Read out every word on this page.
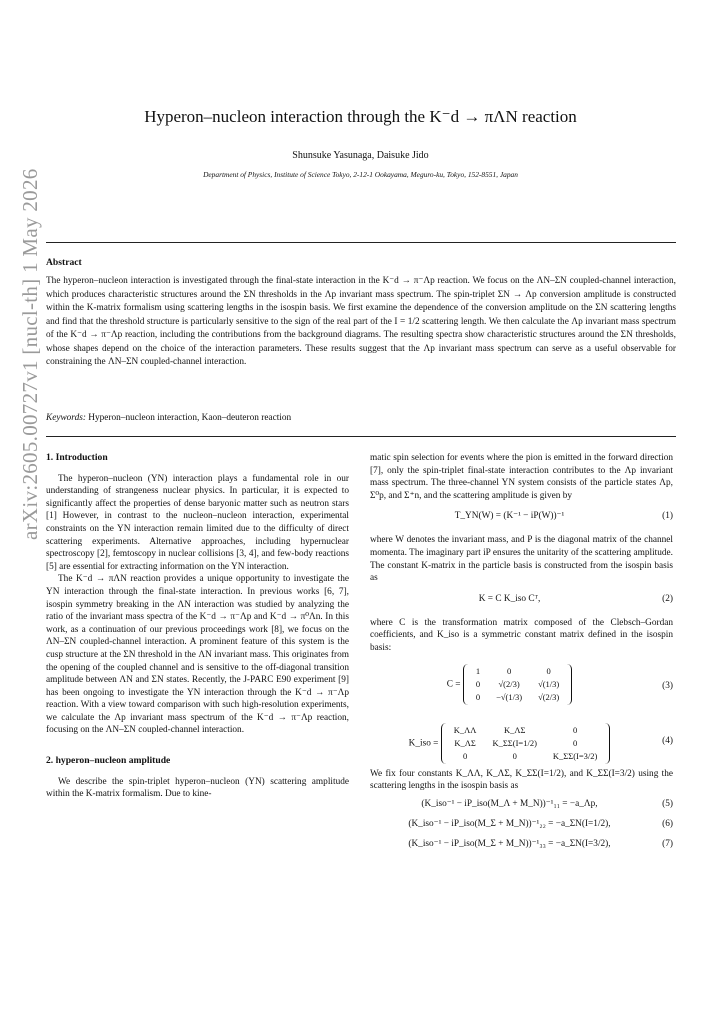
arXiv:2605.00727v1 [nucl-th] 1 May 2026
Hyperon–nucleon interaction through the K⁻d → πΛN reaction
Shunsuke Yasunaga, Daisuke Jido
Department of Physics, Institute of Science Tokyo, 2-12-1 Ookayama, Meguro-ku, Tokyo, 152-8551, Japan
Abstract
The hyperon–nucleon interaction is investigated through the final-state interaction in the K⁻d → π⁻Λp reaction. We focus on the ΛN–ΣN coupled-channel interaction, which produces characteristic structures around the ΣN thresholds in the Λp invariant mass spectrum. The spin-triplet ΣN → Λp conversion amplitude is constructed within the K-matrix formalism using scattering lengths in the isospin basis. We first examine the dependence of the conversion amplitude on the ΣN scattering lengths and find that the threshold structure is particularly sensitive to the sign of the real part of the I = 1/2 scattering length. We then calculate the Λp invariant mass spectrum of the K⁻d → π⁻Λp reaction, including the contributions from the background diagrams. The resulting spectra show characteristic structures around the ΣN thresholds, whose shapes depend on the choice of the interaction parameters. These results suggest that the Λp invariant mass spectrum can serve as a useful observable for constraining the ΛN–ΣN coupled-channel interaction.
Keywords: Hyperon–nucleon interaction, Kaon–deuteron reaction
1. Introduction

The hyperon–nucleon (YN) interaction plays a fundamental role in our understanding of strangeness nuclear physics. In particular, it is expected to significantly affect the properties of dense baryonic matter such as neutron stars [1] However, in contrast to the nucleon–nucleon interaction, experimental constraints on the YN interaction remain limited due to the difficulty of direct scattering experiments. Alternative approaches, including hypernuclear spectroscopy [2], femtoscopy in nuclear collisions [3, 4], and few-body reactions [5] are essential for extracting information on the YN interaction.

The K⁻d → πΛN reaction provides a unique opportunity to investigate the YN interaction through the final-state interaction. In previous works [6, 7], isospin symmetry breaking in the ΛN interaction was studied by analyzing the ratio of the invariant mass spectra of the K⁻d → π⁻Λp and K⁻d → π⁰Λn. In this work, as a continuation of our previous proceedings work [8], we focus on the ΛN–ΣN coupled-channel interaction. A prominent feature of this system is the cusp structure at the ΣN threshold in the ΛN invariant mass. This originates from the opening of the coupled channel and is sensitive to the off-diagonal transition amplitude between ΛN and ΣN states. Recently, the J-PARC E90 experiment [9] has been ongoing to investigate the YN interaction through the K⁻d → π⁻Λp reaction. With a view toward comparison with such high-resolution experiments, we calculate the Λp invariant mass spectrum of the K⁻d → π⁻Λp reaction, focusing on the ΛN–ΣN coupled-channel interaction.

2. hyperon–nucleon amplitude

We describe the spin-triplet hyperon–nucleon (YN) scattering amplitude within the K-matrix formalism. Due to kine-

matic spin selection for events where the pion is emitted in the forward direction [7], only the spin-triplet final-state interaction contributes to the Λp invariant mass spectrum. The three-channel YN system consists of the particle states Λp, Σ⁰p, and Σ⁺n, and the scattering amplitude is given by

T_YN(W) = (K⁻¹ − iP(W))⁻¹	(1)

where W denotes the invariant mass, and P is the diagonal matrix of the channel momenta. The imaginary part iP ensures the unitarity of the scattering amplitude. The constant K-matrix in the particle basis is constructed from the isospin basis as

K = C K_iso Cᵀ,	(2)

where C is the transformation matrix composed of the Clebsch–Gordan coefficients, and K_iso is a symmetric constant matrix defined in the isospin basis:

C = 1	0	0
0	√(2/3)	√(1/3)
0	−√(1/3)	√(2/3)
(3)
K_iso = K_ΛΛ	K_ΛΣ	0
K_ΛΣ	K_ΣΣ(I=1/2)	0
0	0	K_ΣΣ(I=3/2)
(4)

We fix four constants K_ΛΛ, K_ΛΣ, K_ΣΣ(I=1/2), and K_ΣΣ(I=3/2) using the scattering lengths in the isospin basis as

(K_iso⁻¹ − iP_iso(M_Λ + M_N))⁻¹₁₁ = −a_Λp,	(5)
(K_iso⁻¹ − iP_iso(M_Σ + M_N))⁻¹₂₂ = −a_ΣN(I=1/2),	(6)
(K_iso⁻¹ − iP_iso(M_Σ + M_N))⁻¹₃₃ = −a_ΣN(I=3/2),	(7)
